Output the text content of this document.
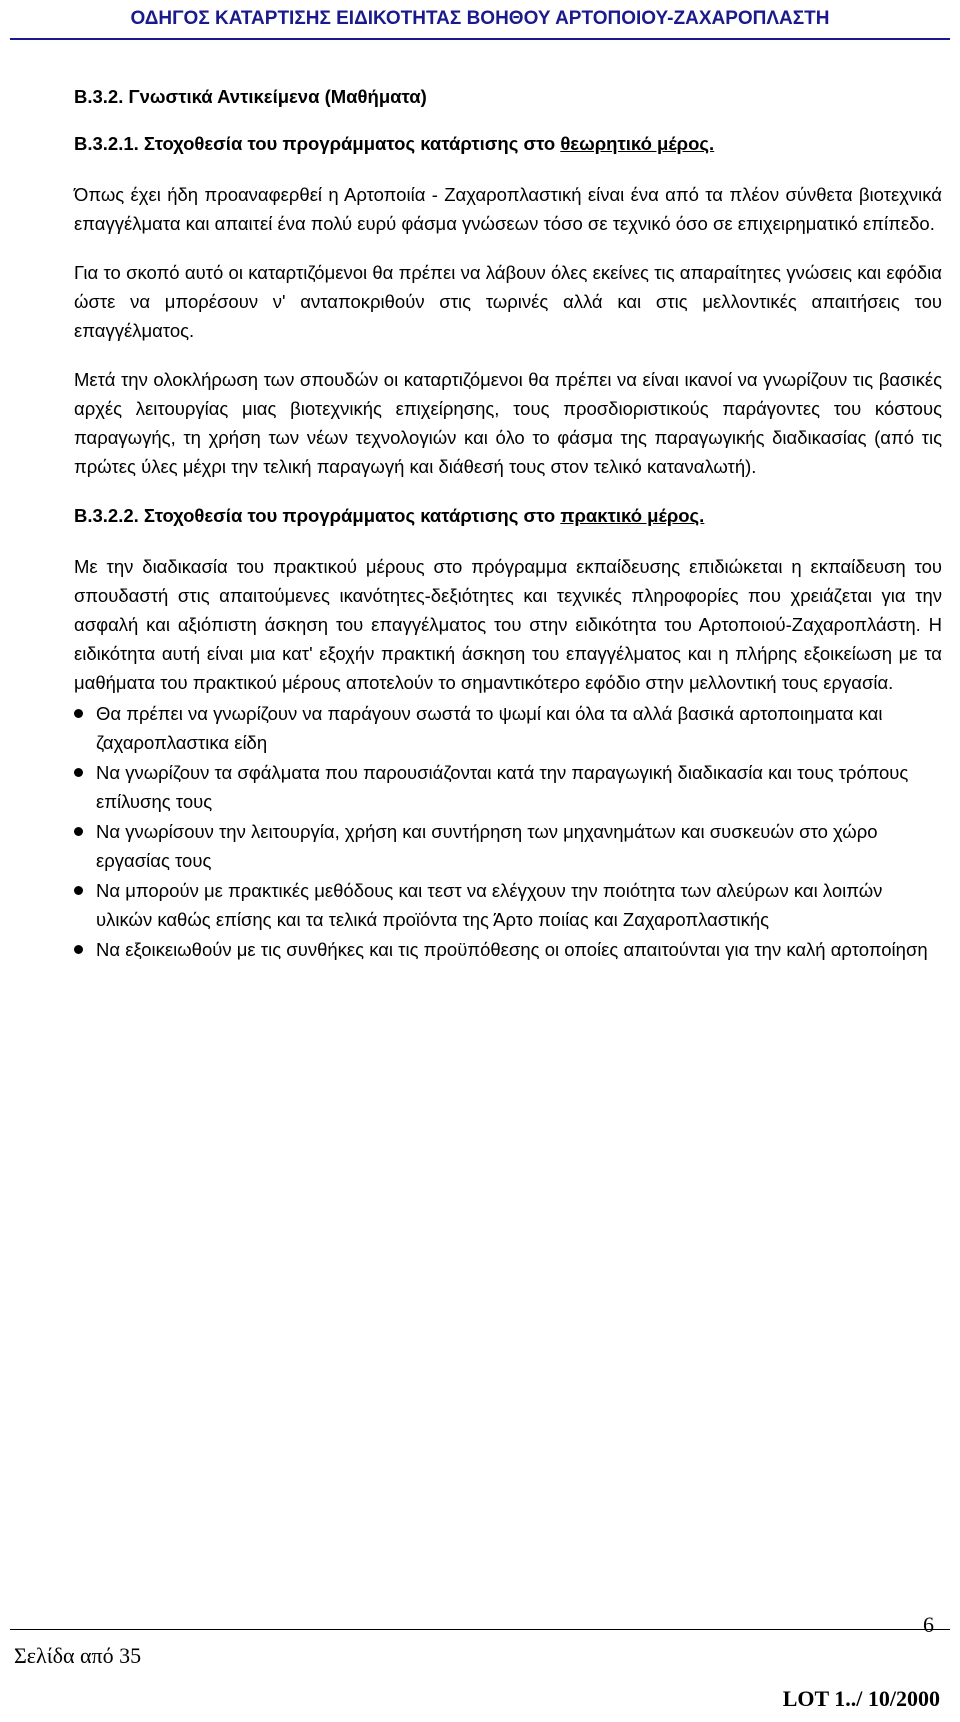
ΟΔΗΓΟΣ ΚΑΤΑΡΤΙΣΗΣ ΕΙΔΙΚΟΤΗΤΑΣ ΒΟΗΘΟΥ ΑΡΤΟΠΟΙΟΥ-ΖΑΧΑΡΟΠΛΑΣΤΗ
Β.3.2. Γνωστικά Αντικείμενα (Μαθήματα)
Β.3.2.1. Στοχοθεσία του προγράμματος κατάρτισης στο θεωρητικό μέρος.

Όπως έχει ήδη προαναφερθεί η Αρτοποιία - Ζαχαροπλαστική είναι ένα από τα πλέον σύνθετα βιοτεχνικά επαγγέλματα και απαιτεί ένα πολύ ευρύ φάσμα γνώσεων τόσο σε τεχνικό όσο σε επιχειρηματικό επίπεδο.

Για το σκοπό αυτό οι καταρτιζόμενοι θα πρέπει να λάβουν όλες εκείνες τις απαραίτητες γνώσεις και εφόδια ώστε να μπορέσουν ν' ανταποκριθούν στις τωρινές αλλά και στις μελλοντικές απαιτήσεις του επαγγέλματος.

Μετά την ολοκλήρωση των σπουδών οι καταρτιζόμενοι θα πρέπει να είναι ικανοί να γνωρίζουν τις βασικές αρχές λειτουργίας μιας βιοτεχνικής επιχείρησης, τους προσδιοριστικούς παράγοντες του κόστους παραγωγής, τη χρήση των νέων τεχνολογιών και όλο το φάσμα της παραγωγικής διαδικασίας (από τις πρώτες ύλες μέχρι την τελική παραγωγή και διάθεσή τους στον τελικό καταναλωτή).

Β.3.2.2. Στοχοθεσία του προγράμματος κατάρτισης στο πρακτικό μέρος.

Με την διαδικασία του πρακτικού μέρους στο πρόγραμμα εκπαίδευσης επιδιώκεται η εκπαίδευση του σπουδαστή στις απαιτούμενες ικανότητες-δεξιότητες και τεχνικές πληροφορίες που χρειάζεται για την ασφαλή και αξιόπιστη άσκηση του επαγγέλματος του στην ειδικότητα του Αρτοποιού-Ζαχαροπλάστη. Η ειδικότητα αυτή είναι μια κατ' εξοχήν πρακτική άσκηση του επαγγέλματος και η πλήρης εξοικείωση με τα μαθήματα του πρακτικού μέρους αποτελούν το σημαντικότερο εφόδιο στην μελλοντική τους εργασία.

Θα πρέπει να γνωρίζουν να παράγουν σωστά το ψωμί και όλα τα αλλά βασικά αρτοποιηματα και ζαχαροπλαστικα είδη
Να γνωρίζουν τα σφάλματα που παρουσιάζονται κατά την παραγωγική διαδικασία και τους τρόπους επίλυσης τους
Να γνωρίσουν την λειτουργία, χρήση και συντήρηση των μηχανημάτων και συσκευών στο χώρο εργασίας τους
Να μπορούν με πρακτικές μεθόδους και τεστ να ελέγχουν την ποιότητα των αλεύρων και λοιπών υλικών καθώς επίσης και τα τελικά προϊόντα της Άρτο ποιίας και Ζαχαροπλαστικής
Να εξοικειωθούν με τις συνθήκες και τις προϋπόθεσης οι οποίες απαιτούνται για την καλή αρτοποίηση
6
Σελίδα από 35
LOT 1../ 10/2000
